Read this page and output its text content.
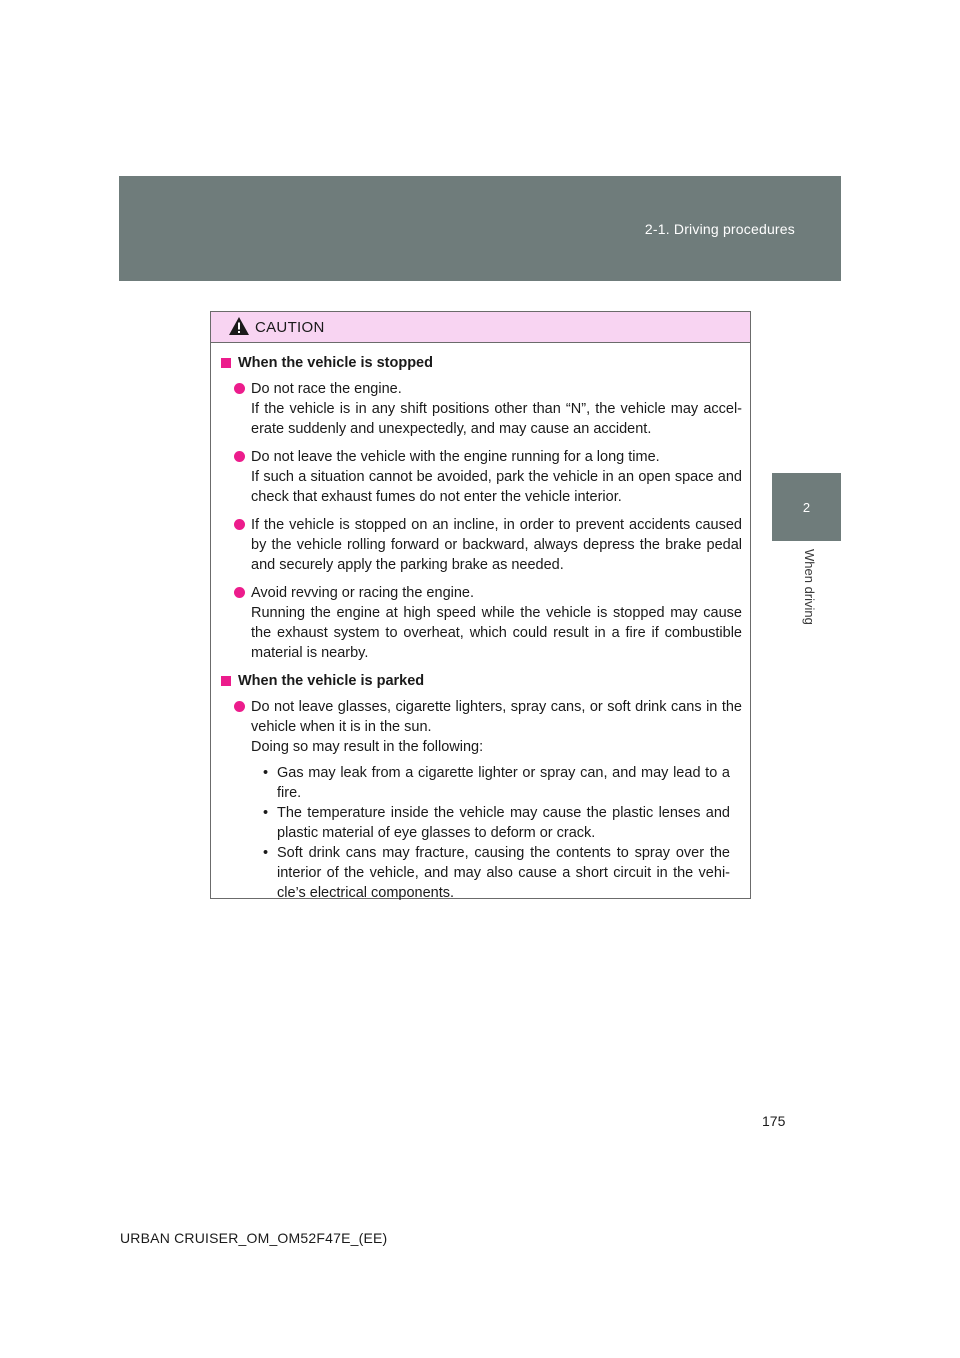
2-1. Driving procedures
2
When driving
CAUTION
When the vehicle is stopped

Do not race the engine.

If the vehicle is in any shift positions other than “N”, the vehicle may accel-erate suddenly and unexpectedly, and may cause an accident.

Do not leave the vehicle with the engine running for a long time.

If such a situation cannot be avoided, park the vehicle in an open space and check that exhaust fumes do not enter the vehicle interior.

If the vehicle is stopped on an incline, in order to prevent accidents caused by the vehicle rolling forward or backward, always depress the brake pedal and securely apply the parking brake as needed.

Avoid revving or racing the engine.

Running the engine at high speed while the vehicle is stopped may cause the exhaust system to overheat, which could result in a fire if combustible material is nearby.

When the vehicle is parked

Do not leave glasses, cigarette lighters, spray cans, or soft drink cans in the vehicle when it is in the sun.

Doing so may result in the following:

• Gas may leak from a cigarette lighter or spray can, and may lead to a fire.
• The temperature inside the vehicle may cause the plastic lenses and plastic material of eye glasses to deform or crack.
• Soft drink cans may fracture, causing the contents to spray over the interior of the vehicle, and may also cause a short circuit in the vehi-cle’s electrical components.
175
URBAN CRUISER_OM_OM52F47E_(EE)
